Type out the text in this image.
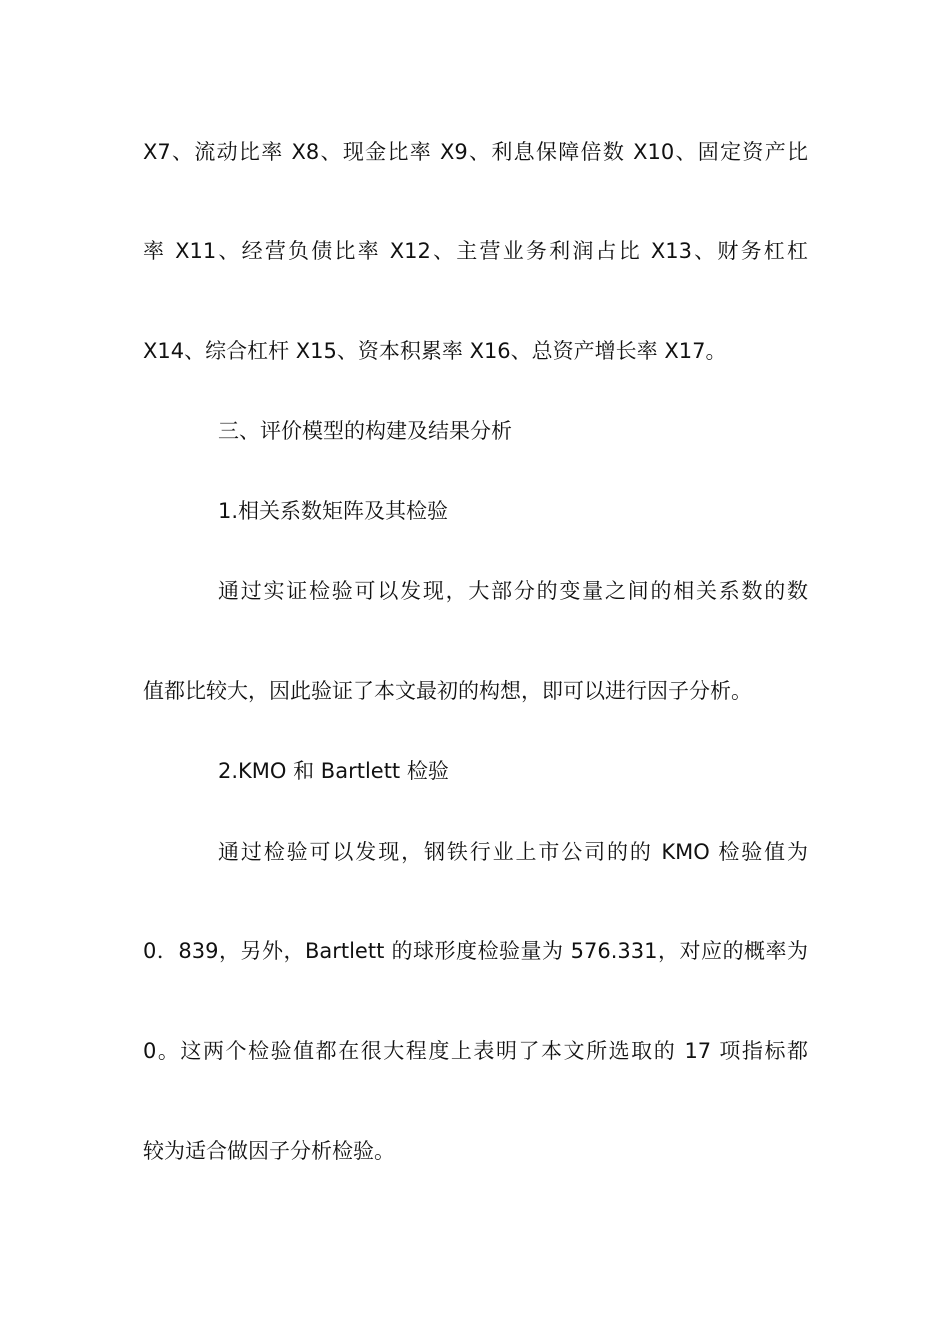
X7、流动比率 X8、现金比率 X9、利息保障倍数 X10、固定资产比
率 X11、经营负债比率 X12、主营业务利润占比 X13、财务杠杠
X14、综合杠杆 X15、资本积累率 X16、总资产增长率 X17。
三、评价模型的构建及结果分析
1.相关系数矩阵及其检验
通过实证检验可以发现，大部分的变量之间的相关系数的数
值都比较大，因此验证了本文最初的构想，即可以进行因子分析。
2.KMO 和 Bartlett 检验
通过检验可以发现，钢铁行业上市公司的的 KMO 检验值为
0．839，另外，Bartlett 的球形度检验量为 576.331，对应的概率为
0。这两个检验值都在很大程度上表明了本文所选取的 17 项指标都
较为适合做因子分析检验。
